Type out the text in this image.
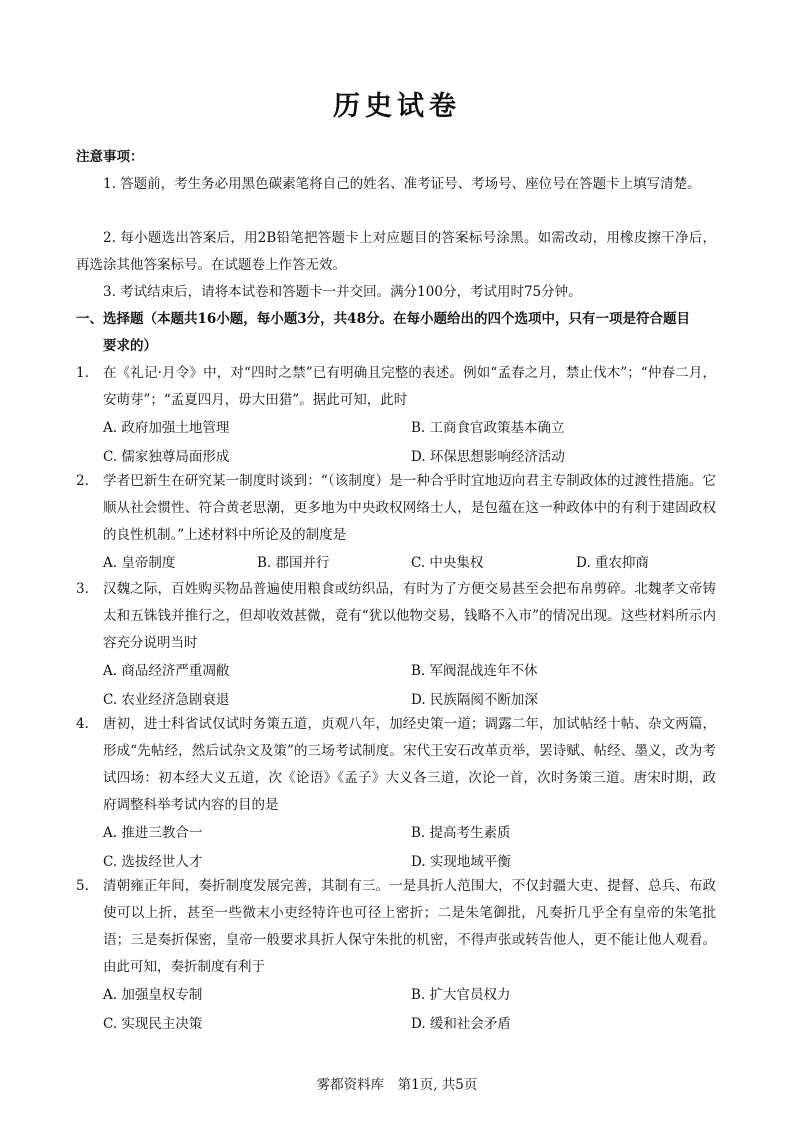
历史试卷
注意事项：
1. 答题前，考生务必用黑色碳素笔将自己的姓名、准考证号、考场号、座位号在答题卡上填写清楚。
2. 每小题选出答案后，用2B铅笔把答题卡上对应题目的答案标号涂黑。如需改动，用橡皮擦干净后，再选涂其他答案标号。在试题卷上作答无效。
3. 考试结束后，请将本试卷和答题卡一并交回。满分100分，考试用时75分钟。
一、选择题（本题共16小题，每小题3分，共48分。在每小题给出的四个选项中，只有一项是符合题目
要求的）
1. 在《礼记·月令》中，对“四时之禁”已有明确且完整的表述。例如“孟春之月，禁止伐木”；“仲春二月，安萌芽”；“孟夏四月，毋大田猎”。据此可知，此时
A. 政府加强土地管理	B. 工商食官政策基本确立
C. 儒家独尊局面形成	D. 环保思想影响经济活动
2. 学者巴新生在研究某一制度时谈到：“（该制度）是一种合乎时宜地迈向君主专制政体的过渡性措施。它顺从社会惯性、符合黄老思潮，更多地为中央政权网络士人，是包蕴在这一种政体中的有利于建固政权的良性机制。”上述材料中所论及的制度是
A. 皇帝制度	B. 郡国并行	C. 中央集权	D. 重农抑商
3. 汉魏之际，百姓购买物品普遍使用粮食或纺织品，有时为了方便交易甚至会把布帛剪碎。北魏孝文帝铸太和五铢钱并推行之，但却收效甚微，竟有“犹以他物交易，钱略不入市”的情况出现。这些材料所示内容充分说明当时
A. 商品经济严重凋敝	B. 军阀混战连年不休
C. 农业经济急剧衰退	D. 民族隔阂不断加深
4. 唐初，进士科省试仅试时务策五道，贞观八年，加经史策一道；调露二年，加试帖经十帖、杂文两篇，形成“先帖经，然后试杂文及策”的三场考试制度。宋代王安石改革贡举，罢诗赋、帖经、墨义，改为考试四场：初本经大义五道，次《论语》《孟子》大义各三道，次论一首，次时务策三道。唐宋时期，政府调整科举考试内容的目的是
A. 推进三教合一	B. 提高考生素质
C. 选拔经世人才	D. 实现地域平衡
5. 清朝雍正年间，奏折制度发展完善，其制有三。一是具折人范围大，不仅封疆大吏、提督、总兵、布政使可以上折，甚至一些微末小吏经特许也可径上密折；二是朱笔御批，凡奏折几乎全有皇帝的朱笔批语；三是奏折保密，皇帝一般要求具折人保守朱批的机密，不得声张或转告他人，更不能让他人观看。由此可知，奏折制度有利于
A. 加强皇权专制	B. 扩大官员权力
C. 实现民主决策	D. 缓和社会矛盾
雾都资料库　第1页, 共5页
